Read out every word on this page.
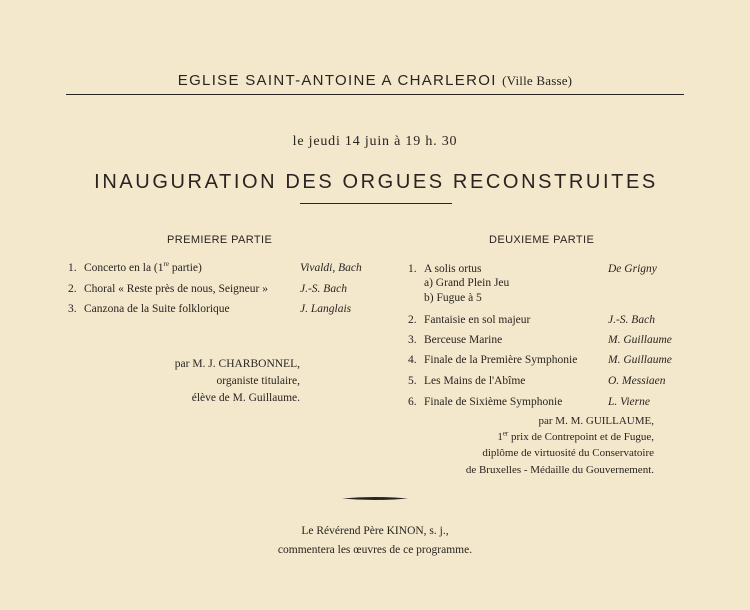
EGLISE SAINT-ANTOINE A CHARLEROI (Ville Basse)
le jeudi 14 juin à 19 h. 30
INAUGURATION DES ORGUES RECONSTRUITES
PREMIERE PARTIE
1. Concerto en la (1re partie)	Vivaldi, Bach
2. Choral « Reste près de nous, Seigneur »	J.-S. Bach
3. Canzona de la Suite folklorique	J. Langlais
par M. J. CHARBONNEL,
organiste titulaire,
élève de M. Guillaume.
DEUXIEME PARTIE
1. A solis ortus	De Grigny
a) Grand Plein Jeu
b) Fugue à 5
2. Fantaisie en sol majeur	J.-S. Bach
3. Berceuse Marine	M. Guillaume
4. Finale de la Première Symphonie	M. Guillaume
5. Les Mains de l'Abîme	O. Messiaen
6. Finale de Sixième Symphonie	L. Vierne
par M. M. GUILLAUME,
1er prix de Contrepoint et de Fugue,
diplôme de virtuosité du Conservatoire
de Bruxelles - Médaille du Gouvernement.
Le Révérend Père KINON, s. j.,
commentera les œuvres de ce programme.
